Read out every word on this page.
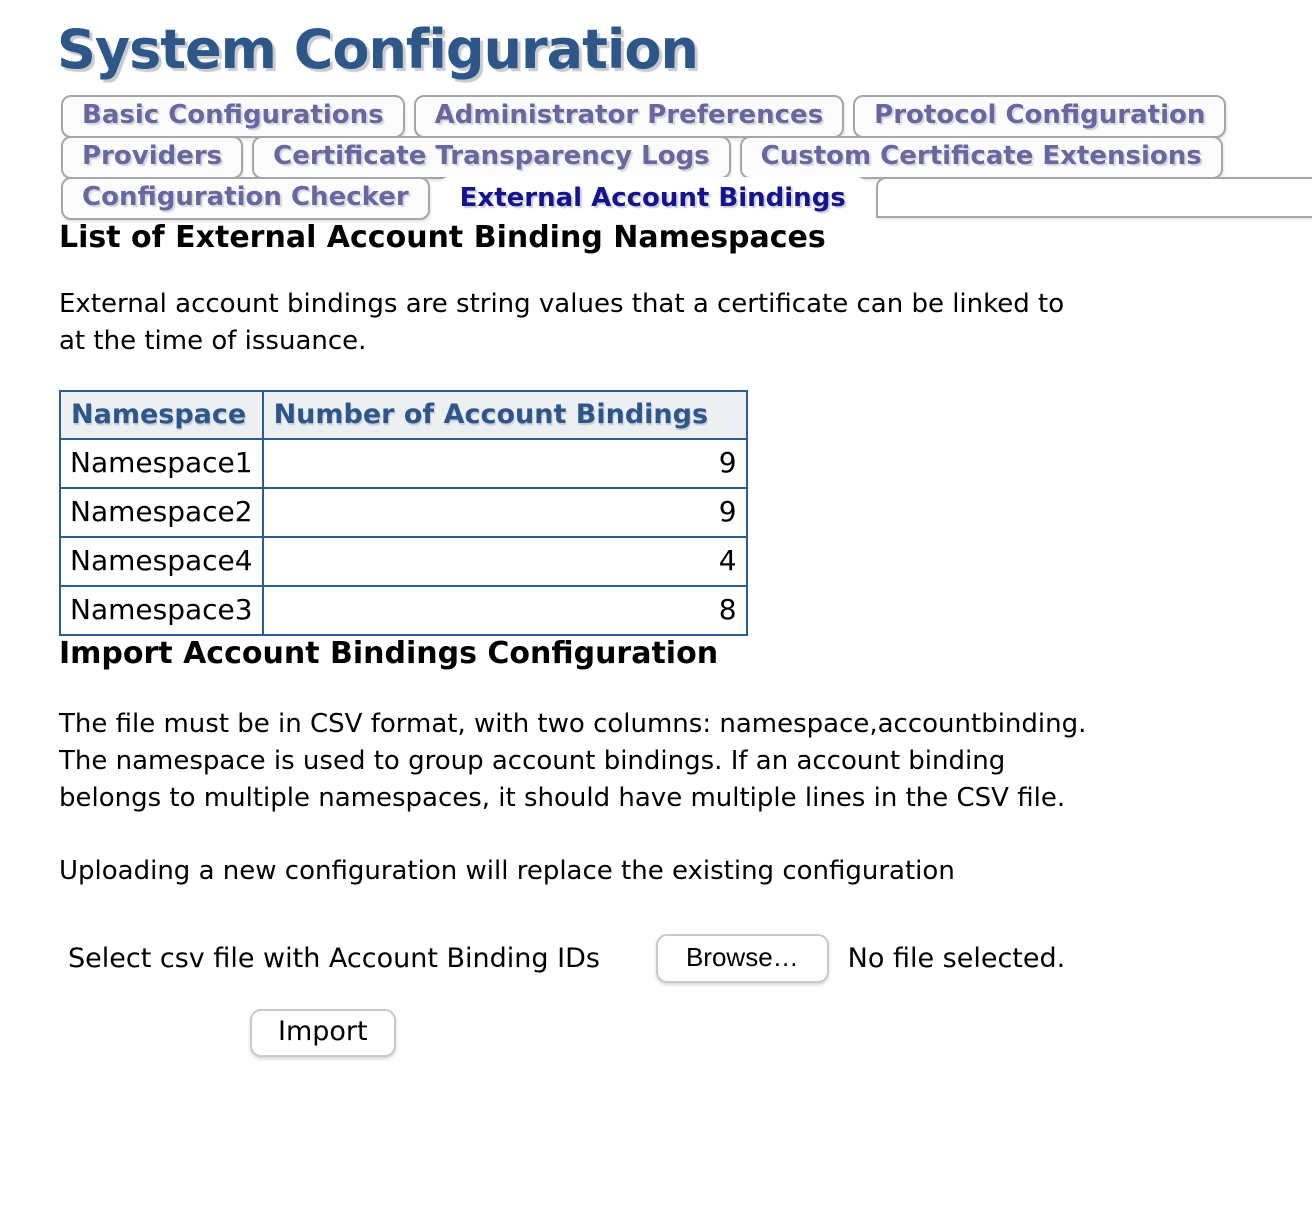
System Configuration
Basic Configurations	Administrator Preferences	Protocol Configuration
Providers	Certificate Transparency Logs	Custom Certificate Extensions
Configuration Checker	External Account Bindings
List of External Account Binding Namespaces

External account bindings are string values that a certificate can be linked to
at the time of issuance.

Namespace	Number of Account Bindings
Namespace1	9
Namespace2	9
Namespace4	4
Namespace3	8
Import Account Bindings Configuration

The file must be in CSV format, with two columns: namespace,accountbinding.
The namespace is used to group account bindings. If an account binding
belongs to multiple namespaces, it should have multiple lines in the CSV file.

Uploading a new configuration will replace the existing configuration

Select csv file with Account Binding IDs	Browse…	No file selected.
Import
